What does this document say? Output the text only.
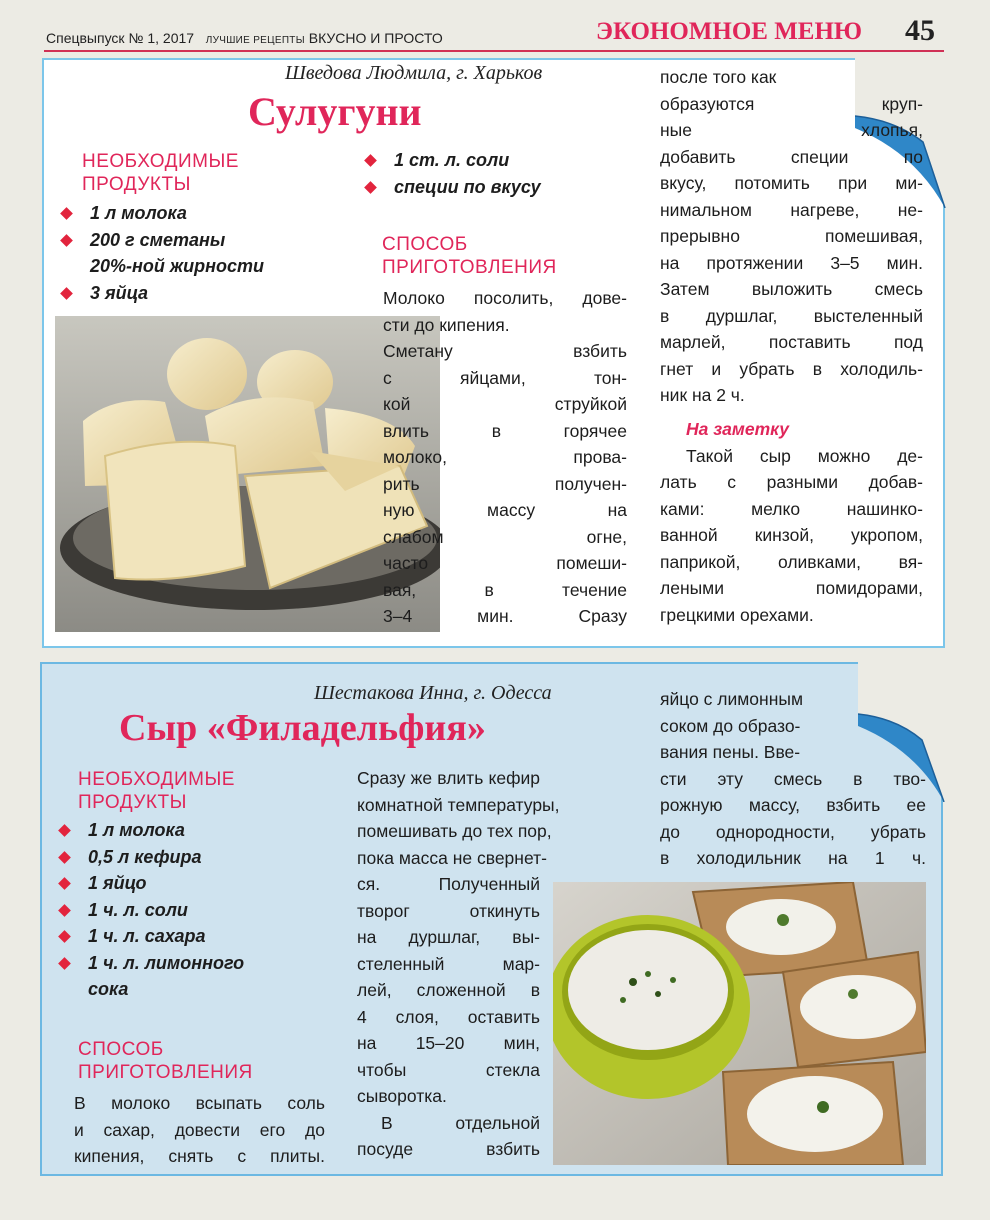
Спецвыпуск № 1, 2017 ЛУЧШИЕ РЕЦЕПТЫ ВКУСНО И ПРОСТО	ЭКОНОМНОЕ МЕНЮ 45
Шведова Людмила, г. Харьков
Сулугуни
НЕОБХОДИМЫЕ
ПРОДУКТЫ
1 л молока
200 г сметаны
20%-ной жирности
3 яйца
1 ст. л. соли
специи по вкусу
СПОСОБ
ПРИГОТОВЛЕНИЯ
Молоко посолить, дове-
сти до кипения.
Сметану взбить
с яйцами, тон-
кой струйкой
влить в горячее
молоко, прова-
рить получен-
ную массу на
слабом огне,
часто помеши-
вая, в течение
3–4 мин. Сразу
после того как
образуются круп-
ные хлопья,
добавить специи по
вкусу, потомить при ми-
нимальном нагреве, не-
прерывно помешивая,
на протяжении 3–5 мин.
Затем выложить смесь
в дуршлаг, выстеленный
марлей, поставить под
гнет и убрать в холодиль-
ник на 2 ч.
На заметку
Такой сыр можно де-
лать с разными добав-
ками: мелко нашинко-
ванной кинзой, укропом,
паприкой, оливками, вя-
леными помидорами,
грецкими орехами.
Шестакова Инна, г. Одесса
Сыр «Филадельфия»
НЕОБХОДИМЫЕ
ПРОДУКТЫ
1 л молока
0,5 л кефира
1 яйцо
1 ч. л. соли
1 ч. л. сахара
1 ч. л. лимонного
сока
СПОСОБ
ПРИГОТОВЛЕНИЯ
В молоко всыпать соль
и сахар, довести его до
кипения, снять с плиты.
Сразу же влить кефир
комнатной температуры,
помешивать до тех пор,
пока масса не свернет-
ся. Полученный
творог откинуть
на дуршлаг, вы-
стеленный мар-
лей, сложенной в
4 слоя, оставить
на 15–20 мин,
чтобы стекла
сыворотка.
В отдельной
посуде взбить
яйцо с лимонным
соком до образо-
вания пены. Вве-
сти эту смесь в тво-
рожную массу, взбить ее
до однородности, убрать
в холодильник на 1 ч.
